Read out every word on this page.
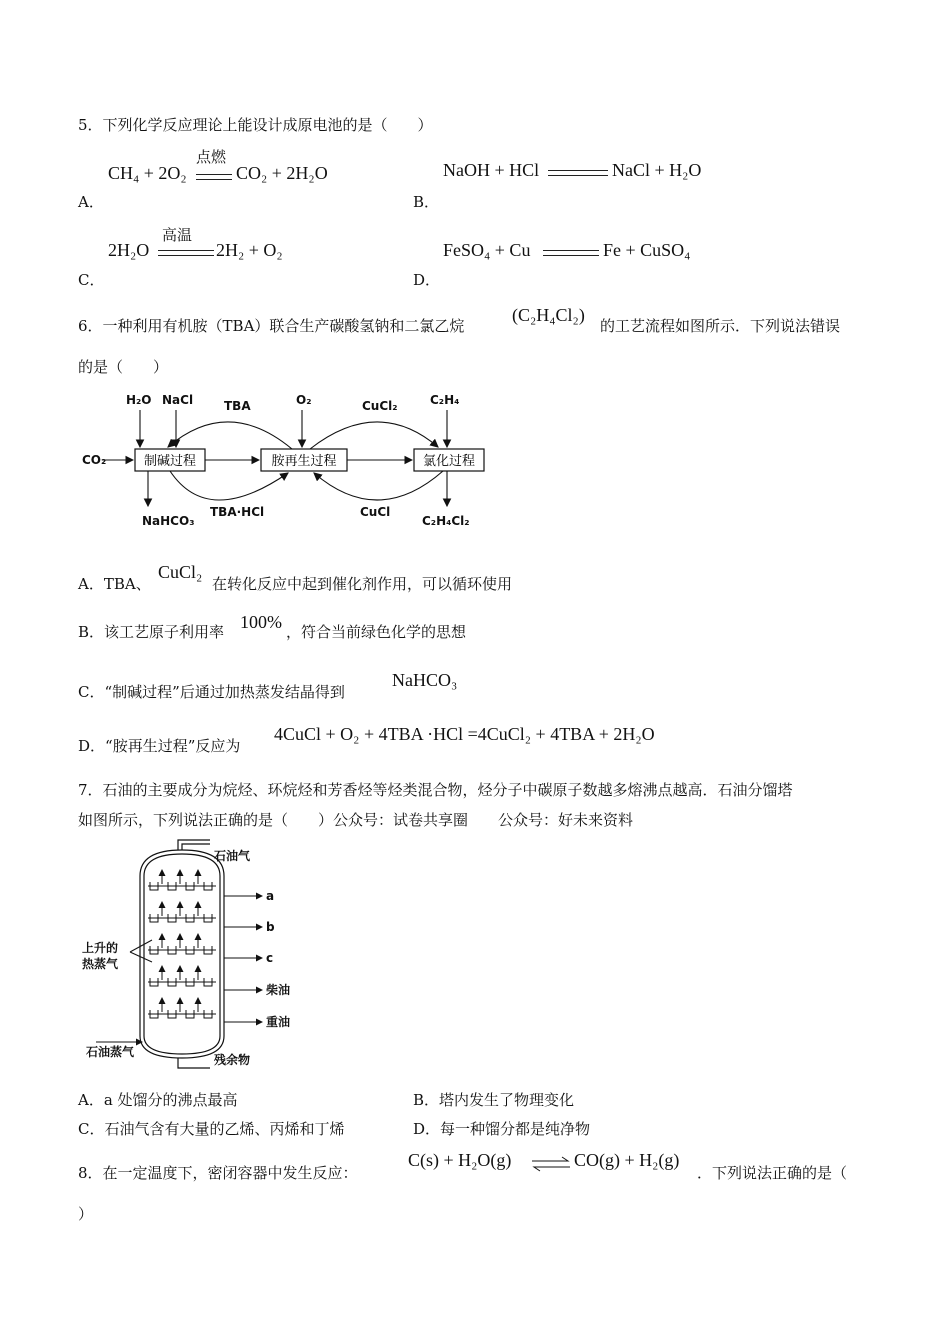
5．下列化学反应理论上能设计成原电池的是（　　）
CH₄ + 2O₂
点燃
CO₂ + 2H₂O
A．
NaOH + HCl	NaCl + H₂O
B．
2H₂O
高温
2H₂ + O₂
C．
FeSO₄ + Cu	Fe + CuSO₄
D．
6．一种利用有机胺（TBA）联合生产碳酸氢钠和二氯乙烷
(C₂H₄Cl₂)
的工艺流程如图所示．下列说法错误
的是（　　）
H₂O NaCl	TBA	O₂	CuCl₂	C₂H₄
CO₂
NaHCO₃
TBA·HCl	CuCl
C₂H₄Cl₂
制碱过程	胺再生过程	氯化过程
A．TBA、
CuCl₂
在转化反应中起到催化剂作用，可以循环使用
B．该工艺原子利用率 100% ，符合当前绿色化学的思想
C．“制碱过程”后通过加热蒸发结晶得到
NaHCO₃
D．“胺再生过程”反应为
4CuCl + O₂ + 4TBA ·HCl =4CuCl₂ + 4TBA + 2H₂O
7．石油的主要成分为烷烃、环烷烃和芳香烃等烃类混合物，烃分子中碳原子数越多熔沸点越高．石油分馏塔
如图所示，下列说法正确的是（　　）公众号：试卷共享圈　　公众号：好未来资料
石油气
a
b
c
柴油
重油
上升的
热蒸气
石油蒸气
残余物
A．a 处馏分的沸点最高	B．塔内发生了物理变化
C．石油气含有大量的乙烯、丙烯和丁烯	D．每一种馏分都是纯净物
8．在一定温度下，密闭容器中发生反应：
C(s) + H₂O(g) ⇌ CO(g) + H₂(g)
．下列说法正确的是（
）
